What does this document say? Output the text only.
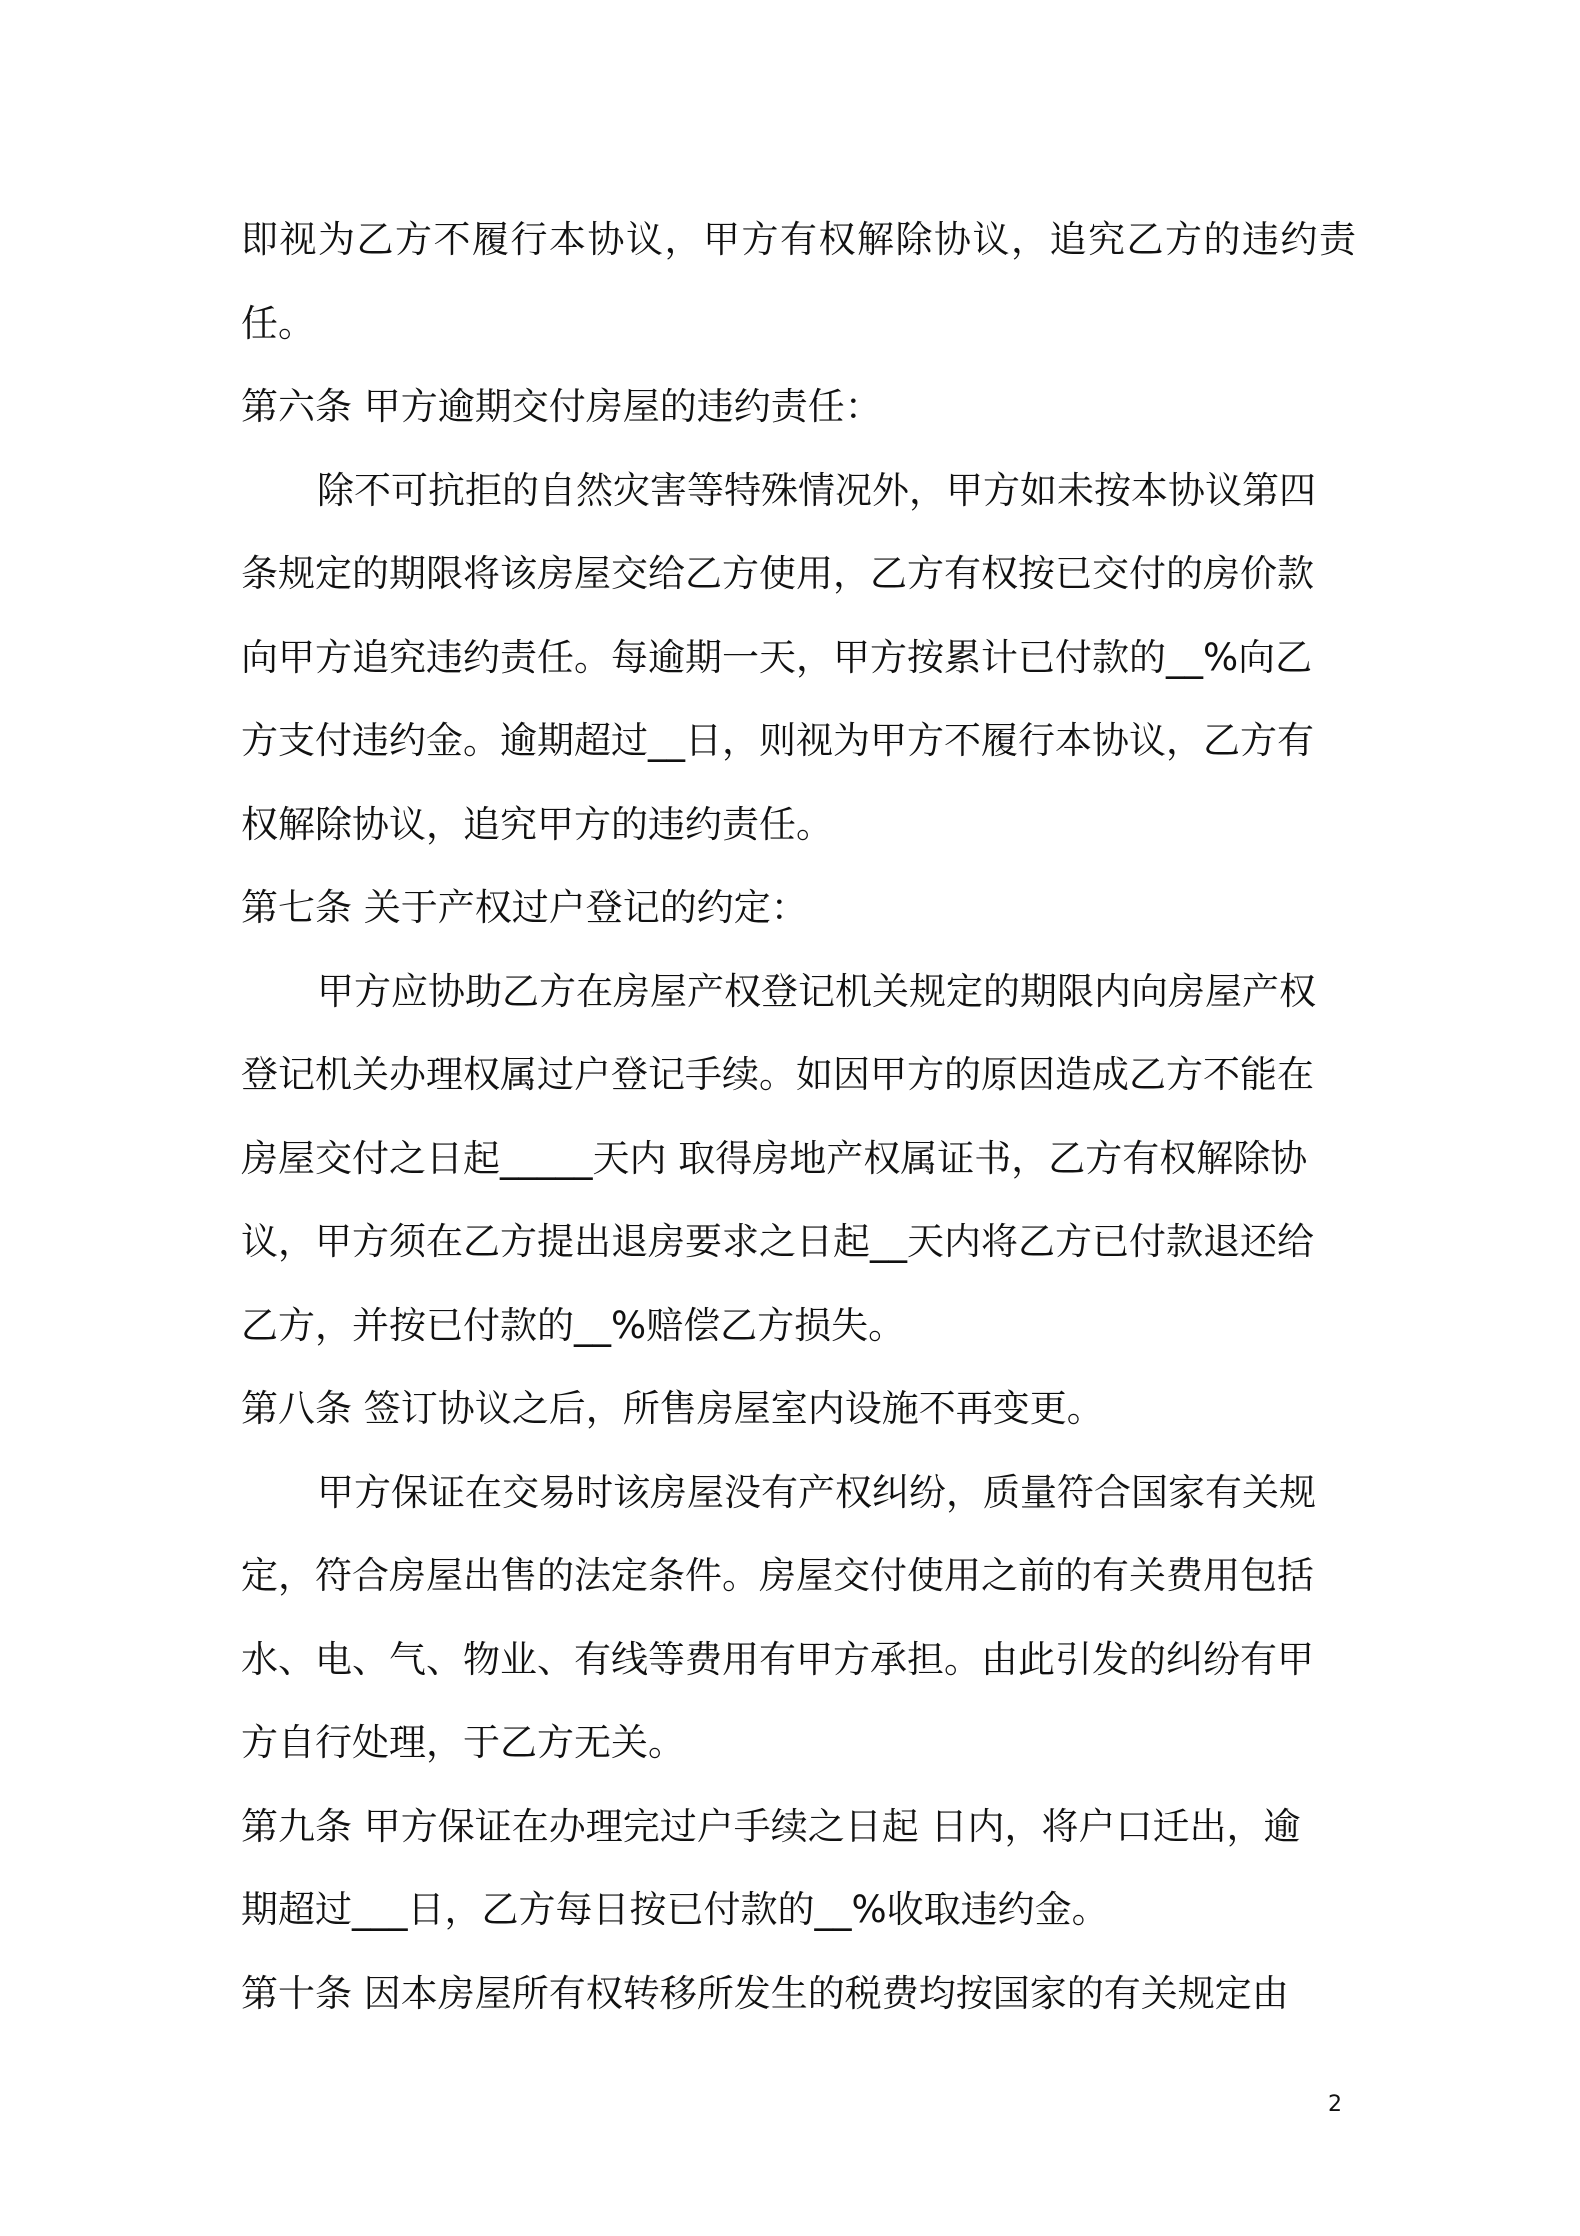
即视为乙方不履行本协议，甲方有权解除协议，追究乙方的违约责
任。
第六条 甲方逾期交付房屋的违约责任：
除不可抗拒的自然灾害等特殊情况外，甲方如未按本协议第四
条规定的期限将该房屋交给乙方使用，乙方有权按已交付的房价款
向甲方追究违约责任。每逾期一天，甲方按累计已付款的__%向乙
方支付违约金。逾期超过__日，则视为甲方不履行本协议，乙方有
权解除协议，追究甲方的违约责任。
第七条 关于产权过户登记的约定：
甲方应协助乙方在房屋产权登记机关规定的期限内向房屋产权
登记机关办理权属过户登记手续。如因甲方的原因造成乙方不能在
房屋交付之日起_____天内 取得房地产权属证书，乙方有权解除协
议，甲方须在乙方提出退房要求之日起__天内将乙方已付款退还给
乙方，并按已付款的__%赔偿乙方损失。
第八条 签订协议之后，所售房屋室内设施不再变更。
甲方保证在交易时该房屋没有产权纠纷，质量符合国家有关规
定，符合房屋出售的法定条件。房屋交付使用之前的有关费用包括
水、电、气、物业、有线等费用有甲方承担。由此引发的纠纷有甲
方自行处理，于乙方无关。
第九条 甲方保证在办理完过户手续之日起 日内，将户口迁出，逾
期超过___日，乙方每日按已付款的__%收取违约金。
第十条 因本房屋所有权转移所发生的税费均按国家的有关规定由
2
